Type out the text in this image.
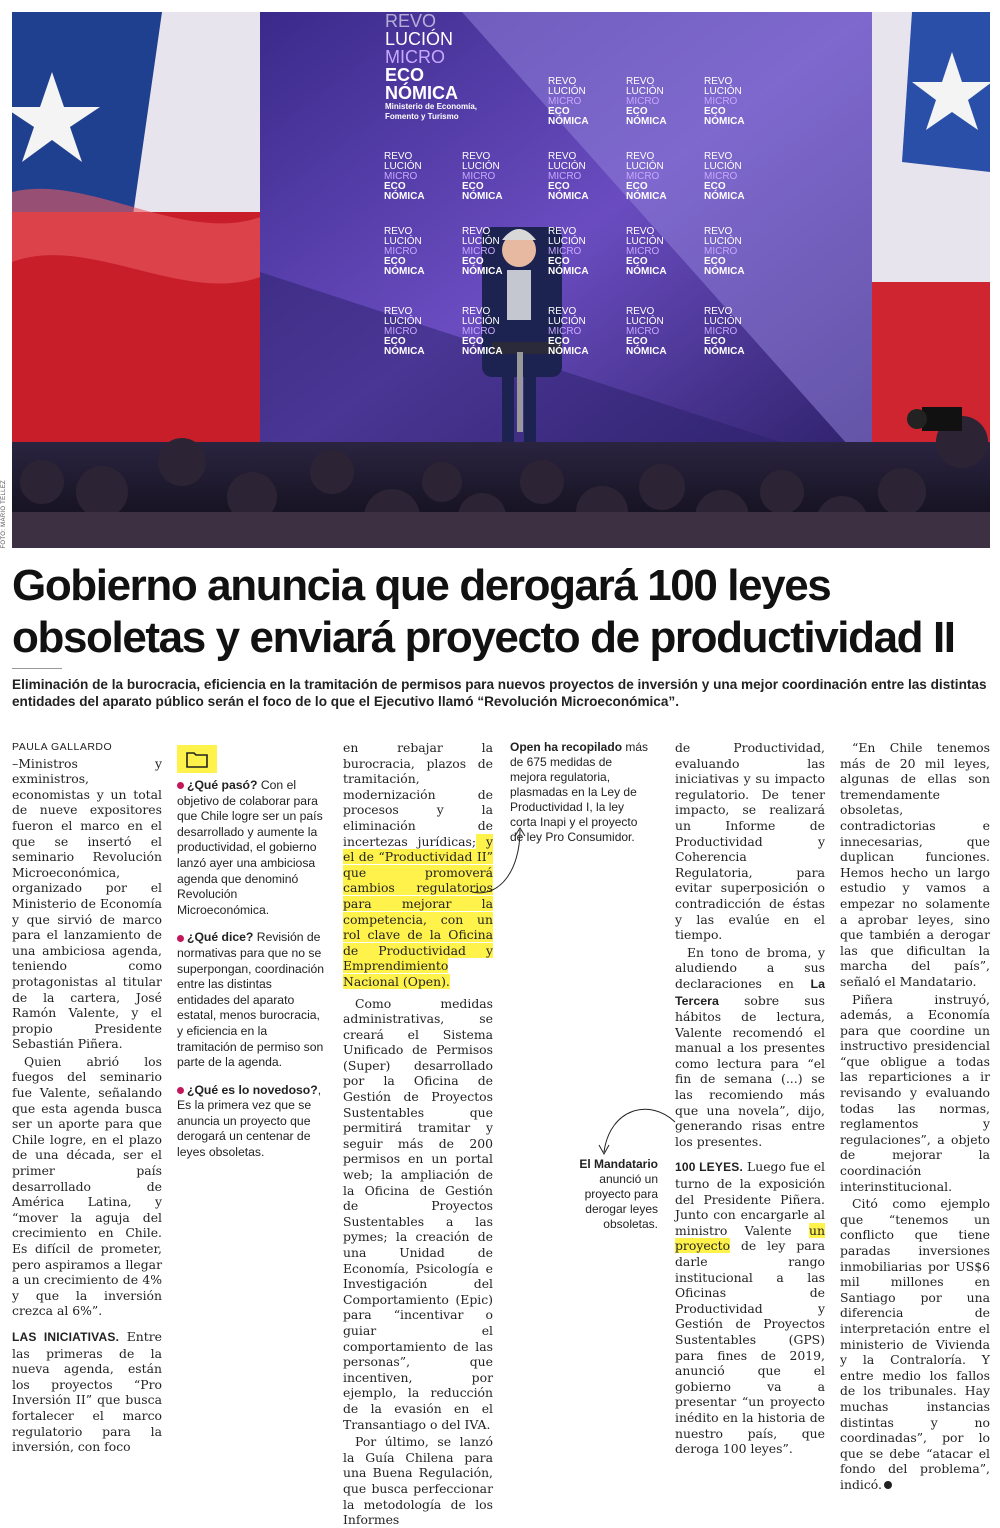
REVO
LUCIÓN
MICRO
ECO
NÓMICA
Ministerio de Economía,
Fomento y Turismo
REVO
LUCIÓN
MICRO
ECO
NÓMICA
REVO
LUCIÓN
MICRO
ECO
NÓMICA
REVO
LUCIÓN
MICRO
ECO
NÓMICA
REVO
LUCIÓN
MICRO
ECO
NÓMICA
REVO
LUCIÓN
MICRO
ECO
NÓMICA
REVO
LUCIÓN
MICRO
ECO
NÓMICA
REVO
LUCIÓN
MICRO
ECO
NÓMICA
REVO
LUCIÓN
MICRO
ECO
NÓMICA
REVO
LUCIÓN
MICRO
ECO
NÓMICA
REVO
LUCIÓN
MICRO
ECO
NÓMICA
REVO
LUCIÓN
MICRO
ECO
NÓMICA
REVO
LUCIÓN
MICRO
ECO
NÓMICA
REVO
LUCIÓN
MICRO
ECO
NÓMICA
REVO
LUCIÓN
MICRO
ECO
NÓMICA
REVO
LUCIÓN
MICRO
ECO
NÓMICA
REVO
LUCIÓN
MICRO
ECO
NÓMICA
REVO
LUCIÓN
MICRO
ECO
NÓMICA
REVO
LUCIÓN
MICRO
ECO
NÓMICA
FOTO: MARIO TÉLLEZ
Gobierno anuncia que derogará 100 leyes obsoletas y enviará proyecto de productividad II

Eliminación de la burocracia, eficiencia en la tramitación de permisos para nuevos proyectos de inversión y una mejor coordinación entre las distintas entidades del aparato público serán el foco de lo que el Ejecutivo llamó “Revolución Microeconómica”.

PAULA GALLARDO

–Ministros y exministros, economistas y un total de nueve expositores fueron el marco en el que se insertó el seminario Revolución Microeconómica, organizado por el Ministerio de Economía y que sirvió de marco para el lanzamiento de una ambiciosa agenda, teniendo como protagonistas al titular de la cartera, José Ramón Valente, y el propio Presidente Sebastián Piñera.

Quien abrió los fuegos del seminario fue Valente, señalando que esta agenda busca ser un aporte para que Chile logre, en el plazo de una década, ser el primer país desarrollado de América Latina, y “mover la aguja del crecimiento en Chile. Es difícil de prometer, pero aspiramos a llegar a un crecimiento de 4% y que la inversión crezca al 6%”.

LAS INICIATIVAS. Entre las primeras de la nueva agenda, están los proyectos “Pro Inversión II” que busca fortalecer el marco regulatorio para la inversión, con foco

¿Qué pasó? Con el objetivo de colaborar para que Chile logre ser un país desarrollado y aumente la productividad, el gobierno lanzó ayer una ambiciosa agenda que denominó Revolución Microeconómica.
¿Qué dice? Revisión de normativas para que no se superpongan, coordinación entre las distintas entidades del aparato estatal, menos burocracia, y eficiencia en la tramitación de permiso son parte de la agenda.
¿Qué es lo novedoso?, Es la primera vez que se anuncia un proyecto que derogará un centenar de leyes obsoletas.

en rebajar la burocracia, plazos de tramitación, modernización de procesos y la eliminación de incertezas jurídicas; y el de “Productividad II” que promoverá cambios regulatorios para mejorar la competencia, con un rol clave de la Oficina de Productividad y Emprendimiento Nacional (Open).

Como medidas administrativas, se creará el Sistema Unificado de Permisos (Super) desarrollado por la Oficina de Gestión de Proyectos Sustentables que permitirá tramitar y seguir más de 200 permisos en un portal web; la ampliación de la Oficina de Gestión de Proyectos Sustentables a las pymes; la creación de una Unidad de Economía, Psicología e Investigación del Comportamiento (Epic) para “incentivar o guiar el comportamiento de las personas”, que incentiven, por ejemplo, la reducción de la evasión en el Transantiago o del IVA.

Por último, se lanzó la Guía Chilena para una Buena Regulación, que busca perfeccionar la metodología de los Informes

Open ha recopilado más de 675 medidas de mejora regulatoria, plasmadas en la Ley de Productividad I, la ley corta Inapi y el proyecto de ley Pro Consumidor.

de Productividad, evaluando las iniciativas y su impacto regulatorio. De tener impacto, se realizará un Informe de Productividad y Coherencia Regulatoria, para evitar superposición o contradicción de éstas y las evalúe en el tiempo.

En tono de broma, y aludiendo a sus declaraciones en La Tercera sobre sus hábitos de lectura, Valente recomendó el manual a los presentes como lectura para “el fin de semana (...) se las recomiendo más que una novela”, dijo, generando risas entre los presentes.

100 LEYES. Luego fue el turno de la exposición del Presidente Piñera. Junto con encargarle al ministro Valente un proyecto de ley para darle rango institucional a las Oficinas de Productividad y Gestión de Proyectos Sustentables (GPS) para fines de 2019, anunció que el gobierno va a presentar “un proyecto inédito en la historia de nuestro país, que deroga 100 leyes”.

El Mandatario
anunció un proyecto para derogar leyes obsoletas.

“En Chile tenemos más de 20 mil leyes, algunas de ellas son tremendamente obsoletas, contradictorias e innecesarias, que duplican funciones. Hemos hecho un largo estudio y vamos a empezar no solamente a aprobar leyes, sino que también a derogar las que dificultan la marcha del país”, señaló el Mandatario.

Piñera instruyó, además, a Economía para que coordine un instructivo presidencial “que obligue a todas las reparticiones a ir revisando y evaluando todas las normas, reglamentos y regulaciones”, a objeto de mejorar la coordinación interinstitucional.

Citó como ejemplo que “tenemos un conflicto que tiene paradas inversiones inmobiliarias por US$6 mil millones en Santiago por una diferencia de interpretación entre el ministerio de Vivienda y la Contraloría. Y entre medio los fallos de los tribunales. Hay muchas instancias distintas y no coordinadas”, por lo que se debe “atacar el fondo del problema”, indicó.
